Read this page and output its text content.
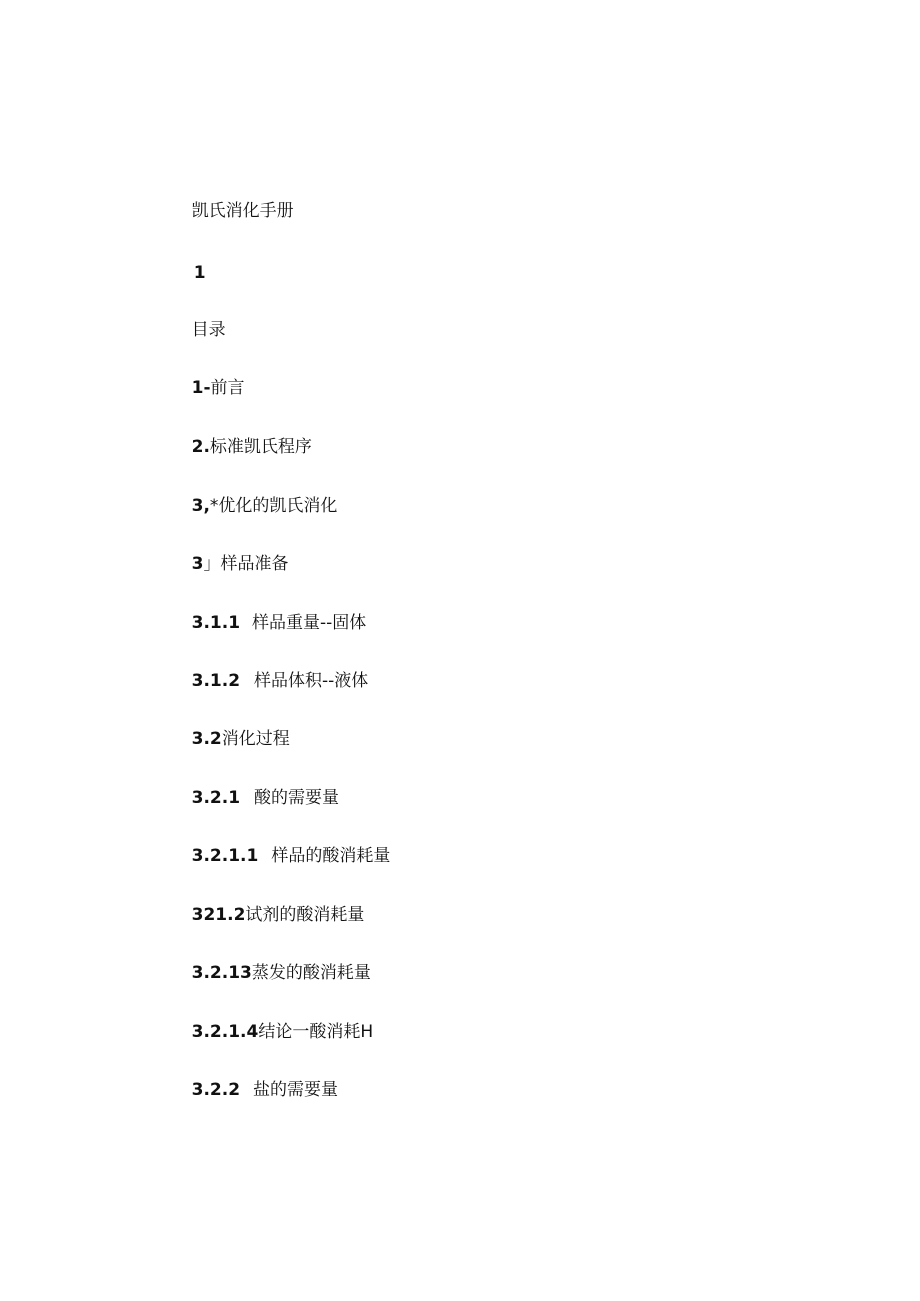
凯氏消化手册

1

目录

1-前言

2.标准凯氏程序

3,*优化的凯氏消化

3」样品准备

3.1.1 样品重量--固体

3.1.2 样品体积--液体

3.2消化过程

3.2.1 酸的需要量

3.2.1.1 样品的酸消耗量

321.2试剂的酸消耗量

3.2.13蒸发的酸消耗量

3.2.1.4结论一酸消耗H

3.2.2 盐的需要量
